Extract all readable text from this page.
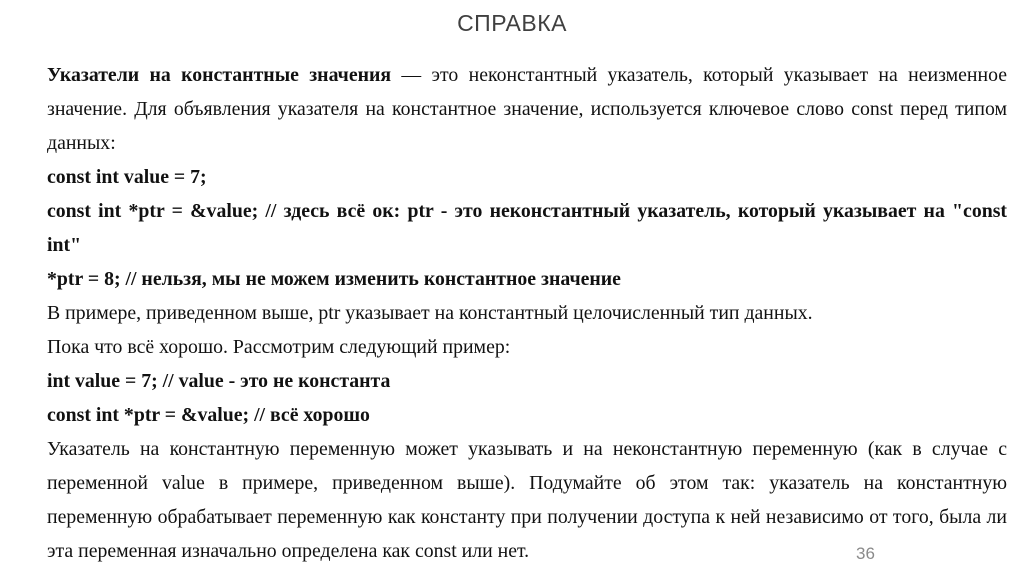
СПРАВКА

Указатели на константные значения — это неконстантный указатель, который указывает на неизменное значение. Для объявления указателя на константное значение, используется ключевое слово const перед типом данных:

const int value = 7;

const int *ptr = &value; // здесь всё ок: ptr - это неконстантный указатель, который указывает на "const int"

*ptr = 8; // нельзя, мы не можем изменить константное значение

В примере, приведенном выше, ptr указывает на константный целочисленный тип данных.

Пока что всё хорошо. Рассмотрим следующий пример:

int value = 7; // value - это не константа

const int *ptr = &value; // всё хорошо

Указатель на константную переменную может указывать и на неконстантную переменную (как в случае с переменной value в примере, приведенном выше). Подумайте об этом так: указатель на константную переменную обрабатывает переменную как константу при получении доступа к ней независимо от того, была ли эта переменная изначально определена как const или нет.	36
